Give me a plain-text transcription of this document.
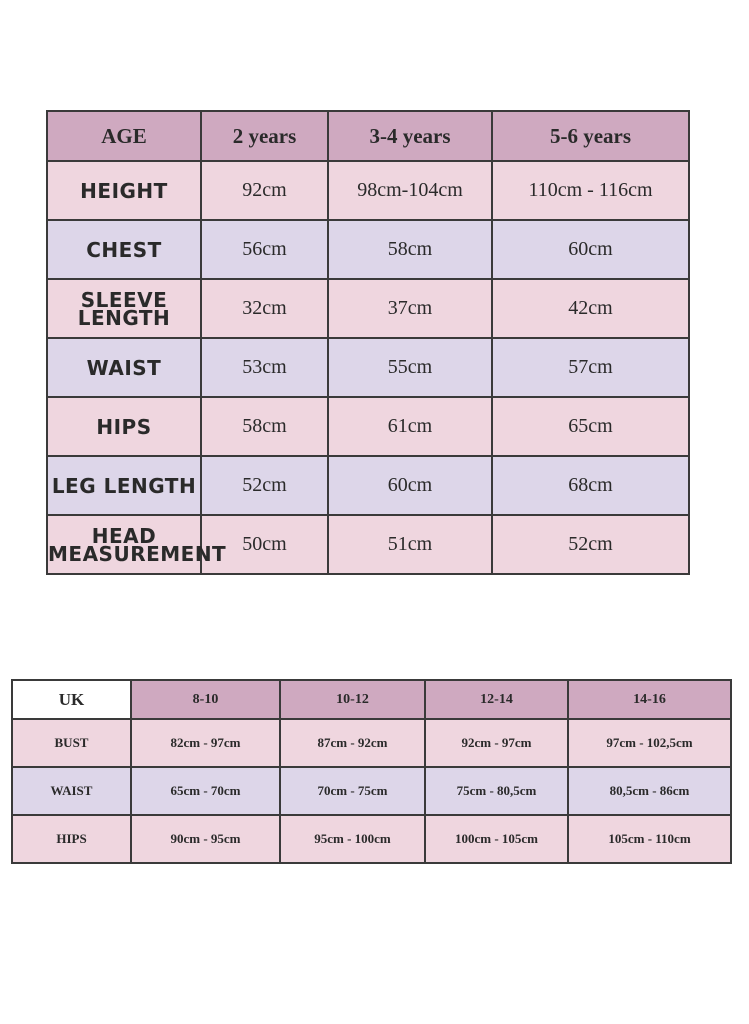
AGE	2 years	3-4 years	5-6 years
HEIGHT	92cm	98cm-104cm	110cm - 116cm
CHEST	56cm	58cm	60cm
SLEEVE LENGTH	32cm	37cm	42cm
WAIST	53cm	55cm	57cm
HIPS	58cm	61cm	65cm
LEG LENGTH	52cm	60cm	68cm
HEAD
MEASUREMENT	50cm	51cm	52cm
UK	8-10	10-12	12-14	14-16
BUST	82cm - 97cm	87cm - 92cm	92cm - 97cm	97cm - 102,5cm
WAIST	65cm - 70cm	70cm - 75cm	75cm - 80,5cm	80,5cm - 86cm
HIPS	90cm - 95cm	95cm - 100cm	100cm - 105cm	105cm - 110cm
